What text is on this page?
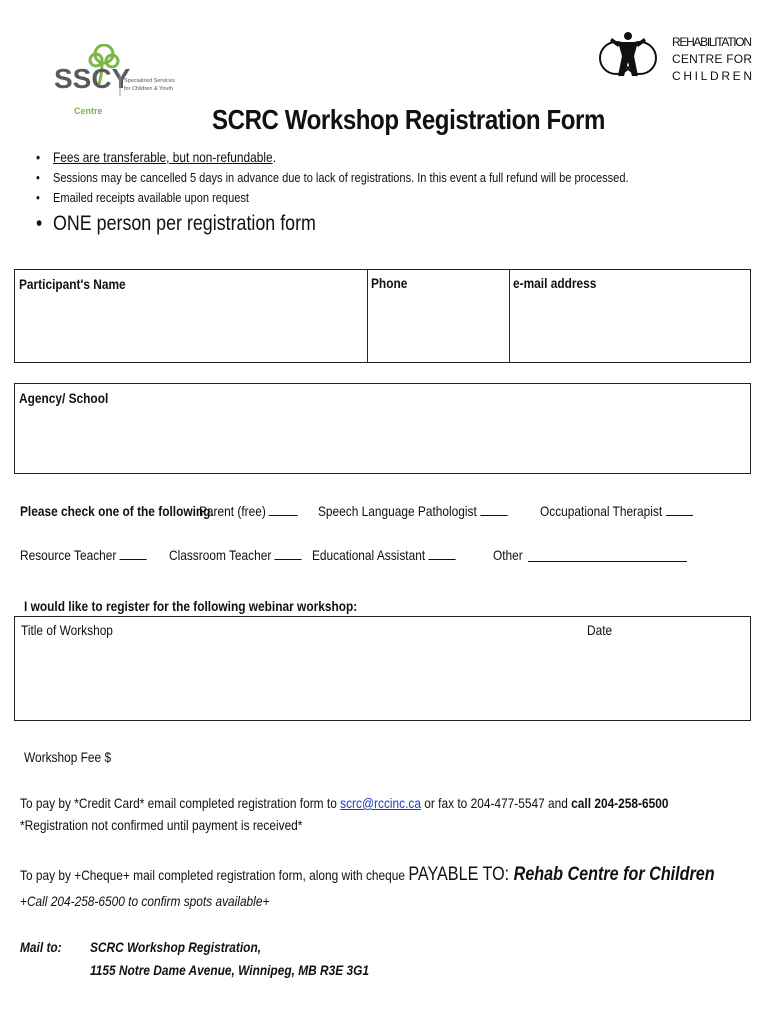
SSCY
Centre
Specialized Services
for Children & Youth
REHABILITATION
CENTRE FOR
CHILDREN
SCRC Workshop Registration Form
• Fees are transferable, but non-refundable.
• Sessions may be cancelled 5 days in advance due to lack of registrations. In this event a full refund will be processed.
• Emailed receipts available upon request
• ONE person per registration form
Participant's Name	Phone	e-mail address
Agency/ School
Please check one of the following.
Parent (free)	Speech Language Pathologist	Occupational Therapist
Resource Teacher	Classroom Teacher	Educational Assistant	Other
I would like to register for the following webinar workshop:
Title of Workshop	Date
Workshop Fee $
To pay by *Credit Card* email completed registration form to scrc@rccinc.ca or fax to 204-477-5547 and call 204-258-6500
*Registration not confirmed until payment is received*
To pay by +Cheque+ mail completed registration form, along with cheque PAYABLE TO: Rehab Centre for Children
+Call 204-258-6500 to confirm spots available+
Mail to: SCRC Workshop Registration,
1155 Notre Dame Avenue, Winnipeg, MB R3E 3G1
